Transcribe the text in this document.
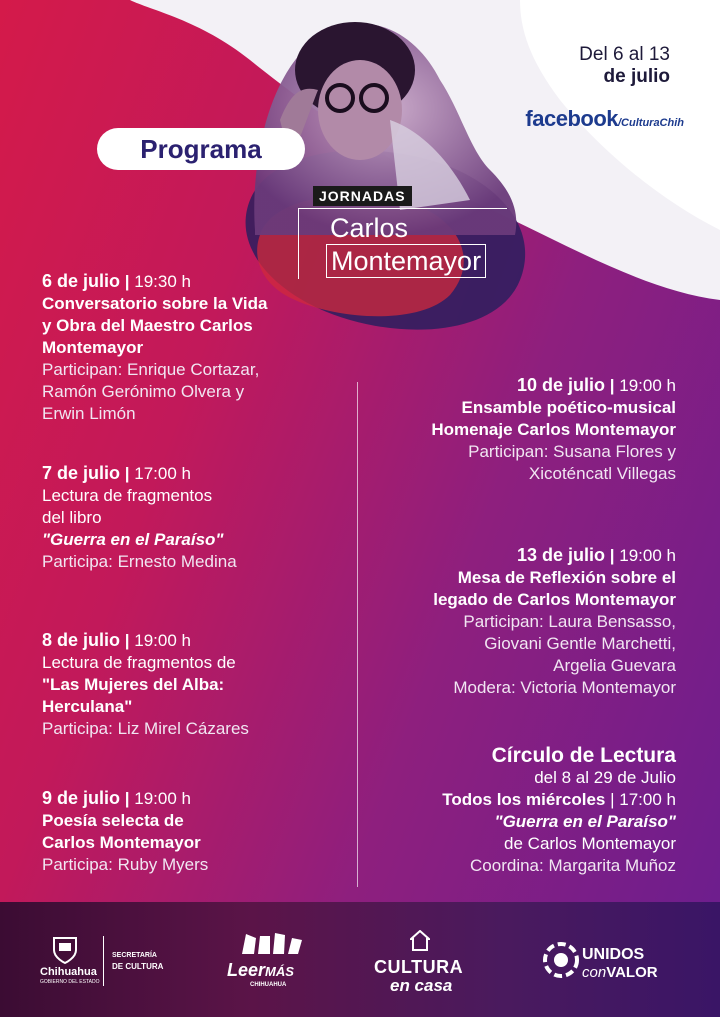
Del 6 al 13
de julio
facebook/CulturaChih
Programa
JORNADAS
Carlos
Montemayor
6 de julio | 19:30 h
Conversatorio sobre la Vida
y Obra del Maestro Carlos
Montemayor
Participan: Enrique Cortazar,
Ramón Gerónimo Olvera y
Erwin Limón
7 de julio | 17:00 h
Lectura de fragmentos
del libro
"Guerra en el Paraíso"
Participa: Ernesto Medina
8 de julio | 19:00 h
Lectura de fragmentos de
"Las Mujeres del Alba:
Herculana"
Participa: Liz Mirel Cázares
9 de julio | 19:00 h
Poesía selecta de
Carlos Montemayor
Participa: Ruby Myers
10 de julio | 19:00 h
Ensamble poético-musical
Homenaje Carlos Montemayor
Participan: Susana Flores y
Xicoténcatl Villegas
13 de julio | 19:00 h
Mesa de Reflexión sobre el
legado de Carlos Montemayor
Participan: Laura Bensasso,
Giovani Gentle Marchetti,
Argelia Guevara
Modera: Victoria Montemayor
Círculo de Lectura
del 8 al 29 de Julio
Todos los miércoles | 17:00 h
"Guerra en el Paraíso"
de Carlos Montemayor
Coordina: Margarita Muñoz
Chihuahua
GOBIERNO DEL ESTADO
SECRETARÍA
DE CULTURA	LeerMÁS
CHIHUAHUA
CULTURA
en casa
UNIDOS
conVALOR
